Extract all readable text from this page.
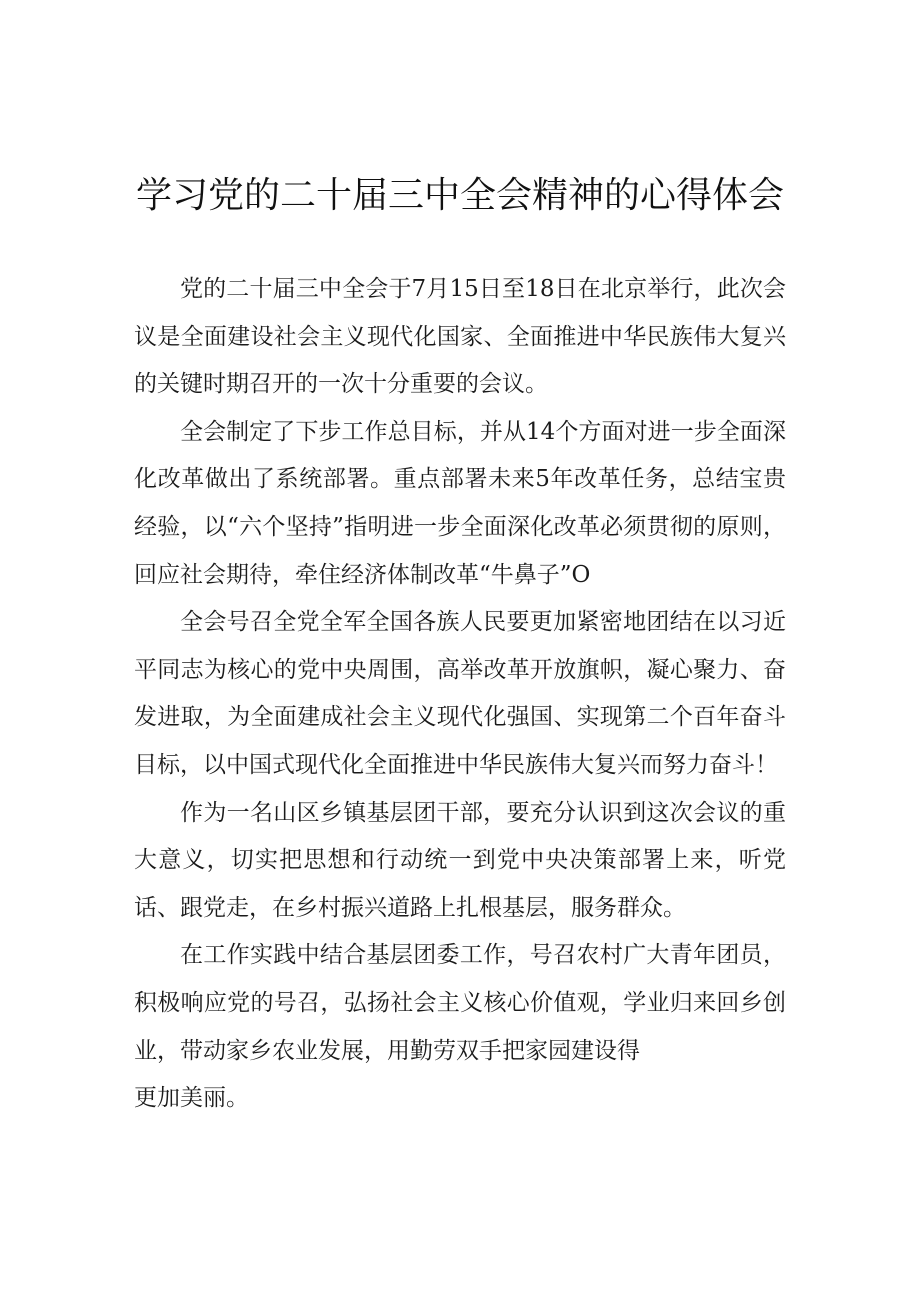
学习党的二十届三中全会精神的心得体会

党的二十届三中全会于7月15日至18日在北京举行，此次会议是全面建设社会主义现代化国家、全面推进中华民族伟大复兴的关键时期召开的一次十分重要的会议。

全会制定了下步工作总目标，并从14个方面对进一步全面深化改革做出了系统部署。重点部署未来5年改革任务，总结宝贵经验，以“六个坚持”指明进一步全面深化改革必须贯彻的原则，回应社会期待，牵住经济体制改革“牛鼻子”O

全会号召全党全军全国各族人民要更加紧密地团结在以习近平同志为核心的党中央周围，高举改革开放旗帜，凝心聚力、奋发进取，为全面建成社会主义现代化强国、实现第二个百年奋斗目标，以中国式现代化全面推进中华民族伟大复兴而努力奋斗！

作为一名山区乡镇基层团干部，要充分认识到这次会议的重大意义，切实把思想和行动统一到党中央决策部署上来，听党话、跟党走，在乡村振兴道路上扎根基层，服务群众。

在工作实践中结合基层团委工作，号召农村广大青年团员，积极响应党的号召，弘扬社会主义核心价值观，学业归来回乡创业，带动家乡农业发展，用勤劳双手把家园建设得

更加美丽。
